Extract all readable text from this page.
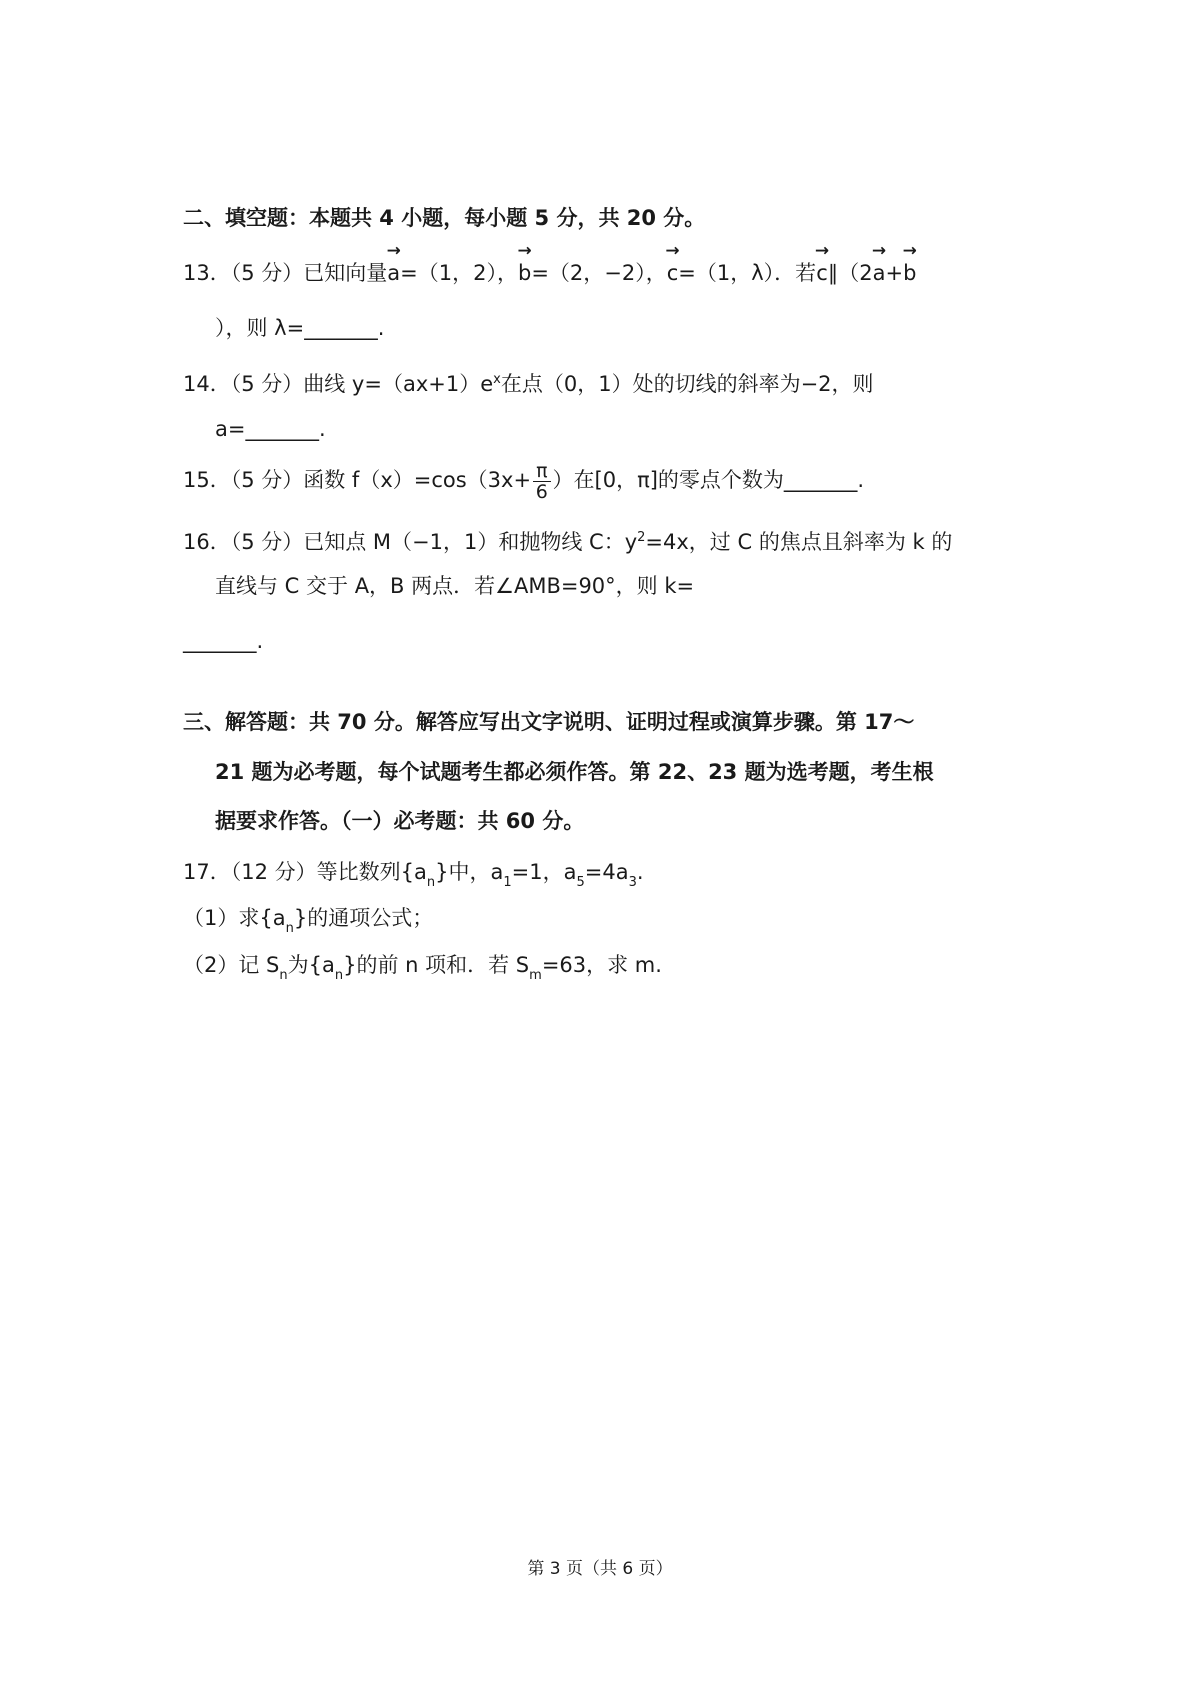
二、填空题：本题共 4 小题，每小题 5 分，共 20 分。
13．（5 分）已知向量→ a=（1，2），→ b=（2，−2），→ c=（1，λ）．若→ c∥（2→ a+→ b
），则 λ=_______.
14．（5 分）曲线 $y=(ax+1)e^x$在点（0，1）处的切线的斜率为−2，则
a=_______.
15．（5 分）函数 $f(x)=\cos(3x+ \frac{\pi}{6}$ ）在[0，π]的零点个数为_______.
16．（5 分）已知点 M（−1，1）和抛物线 C：$y^2=4x$，过 C 的焦点且斜率为 k 的
直线与 C 交于 A，B 两点．若∠AMB=90°，则 k=
_______.
三、解答题：共 70 分。解答应写出文字说明、证明过程或演算步骤。第 17～
21 题为必考题，每个试题考生都必须作答。第 22、23 题为选考题，考生根
据要求作答。（一）必考题：共 60 分。
17．（12 分）等比数列$\{a_n\}$中，$a_1=1$，$a_5=4a_3$.
（1）求$\{a_n\}$的通项公式；
（2）记 $S_n$为$\{a_n\}$的前 n 项和．若 $S_m=63$，求 m.
第 3 页（共 6 页）
